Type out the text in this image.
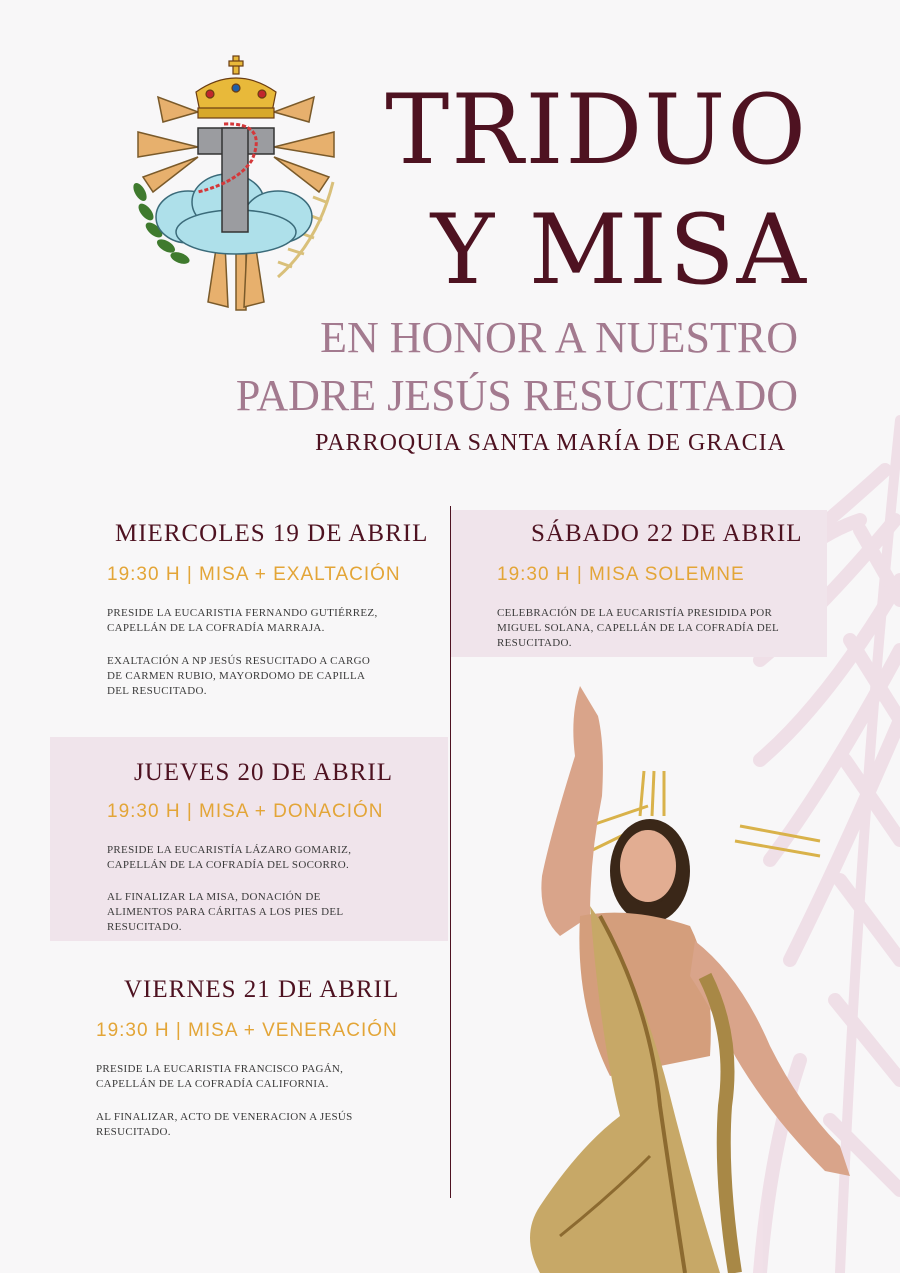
TRIDUO
Y MISA
EN HONOR A NUESTRO
PADRE JESÚS RESUCITADO
PARROQUIA SANTA MARÍA DE GRACIA
MIERCOLES 19 DE ABRIL
19:30 H | MISA + EXALTACIÓN

PRESIDE LA EUCARISTIA FERNANDO GUTIÉRREZ, CAPELLÁN DE LA COFRADÍA MARRAJA.

EXALTACIÓN A NP JESÚS RESUCITADO A CARGO DE CARMEN RUBIO, MAYORDOMO DE CAPILLA DEL RESUCITADO.

JUEVES 20 DE ABRIL
19:30 H | MISA + DONACIÓN

PRESIDE LA EUCARISTÍA LÁZARO GOMARIZ, CAPELLÁN DE LA COFRADÍA DEL SOCORRO.

AL FINALIZAR LA MISA, DONACIÓN DE ALIMENTOS PARA CÁRITAS A LOS PIES DEL RESUCITADO.

VIERNES 21 DE ABRIL
19:30 H | MISA + VENERACIÓN

PRESIDE LA EUCARISTIA FRANCISCO PAGÁN, CAPELLÁN DE LA COFRADÍA CALIFORNIA.

AL FINALIZAR, ACTO DE VENERACION A JESÚS RESUCITADO.

SÁBADO 22 DE ABRIL
19:30 H | MISA SOLEMNE

CELEBRACIÓN DE LA EUCARISTÍA PRESIDIDA POR MIGUEL SOLANA, CAPELLÁN DE LA COFRADÍA DEL RESUCITADO.
